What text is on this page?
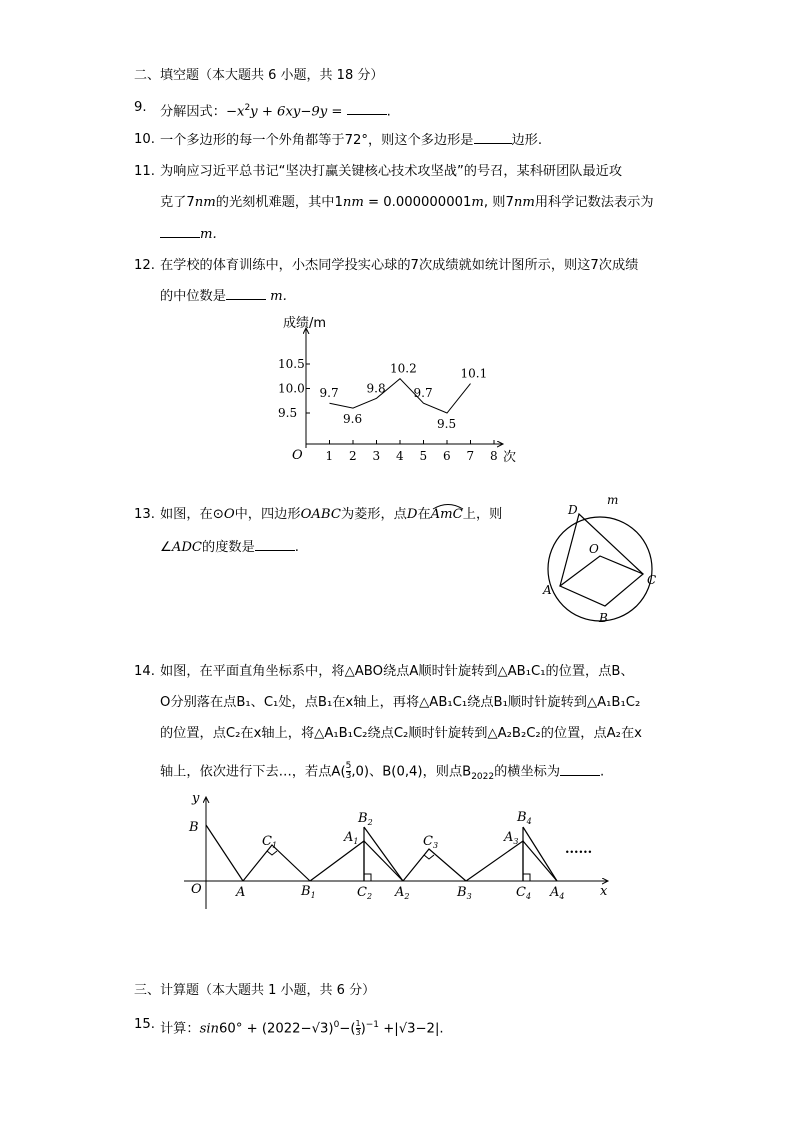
二、填空题（本大题共 6 小题，共 18 分）
9. 分解因式：$-x^2y + 6xy-9y$ =	.
10. 一个多边形的每一个外角都等于72°，则这个多边形是	边形.
11. 为响应习近平总书记“坚决打赢关键核心技术攻坚战”的号召，某科研团队最近攻
克了7nm的光刻机难题，其中1nm = 0.000000001m, 则7nm用科学记数法表示为
m.
12. 在学校的体育训练中，小杰同学投实心球的7次成绩就如统计图所示，则这7次成绩
的中位数是	m.
成绩/m
次
O 1 2 3 4 5 6 7 8
9.5
10.0
10.5
9.7
9.6
9.8
10.2
9.7
9.5
10.1
13. 如图，在⊙O中，四边形OABC为菱形，点D在AmC
上，则
∠ADC的度数是	.
D
m
O
A
B
C
14. 如图，在平面直角坐标系中，将△ABO绕点A顺时针旋转到△AB₁C₁的位置，点B、
O分别落在点B₁、C₁处，点B₁在x轴上，再将△AB₁C₁绕点B₁顺时针旋转到△A₁B₁C₂
的位置，点C₂在x轴上，将△A₁B₁C₂绕点C₂顺时针旋转到△A₂B₂C₂的位置，点A₂在x
轴上，依次进行下去…，若点$A( \frac{5}{3} ,0)$、B(0,4)，则点$B_{2022}$的横坐标为	.
y
x
B
O	A
$C_1$
$B_1$
$A_1$
$B_2$
$C_2$ $A_2$
$C_3$
$B_3$
$A_3$
$B_4$
$C_4$ $A_4$
......
三、计算题（本大题共 1 小题，共 6 分）
15. 计算：$\sin 60^\circ + (2022-√3)^0-( \frac{1}{3} )^{-1} +|√3-2|$.
